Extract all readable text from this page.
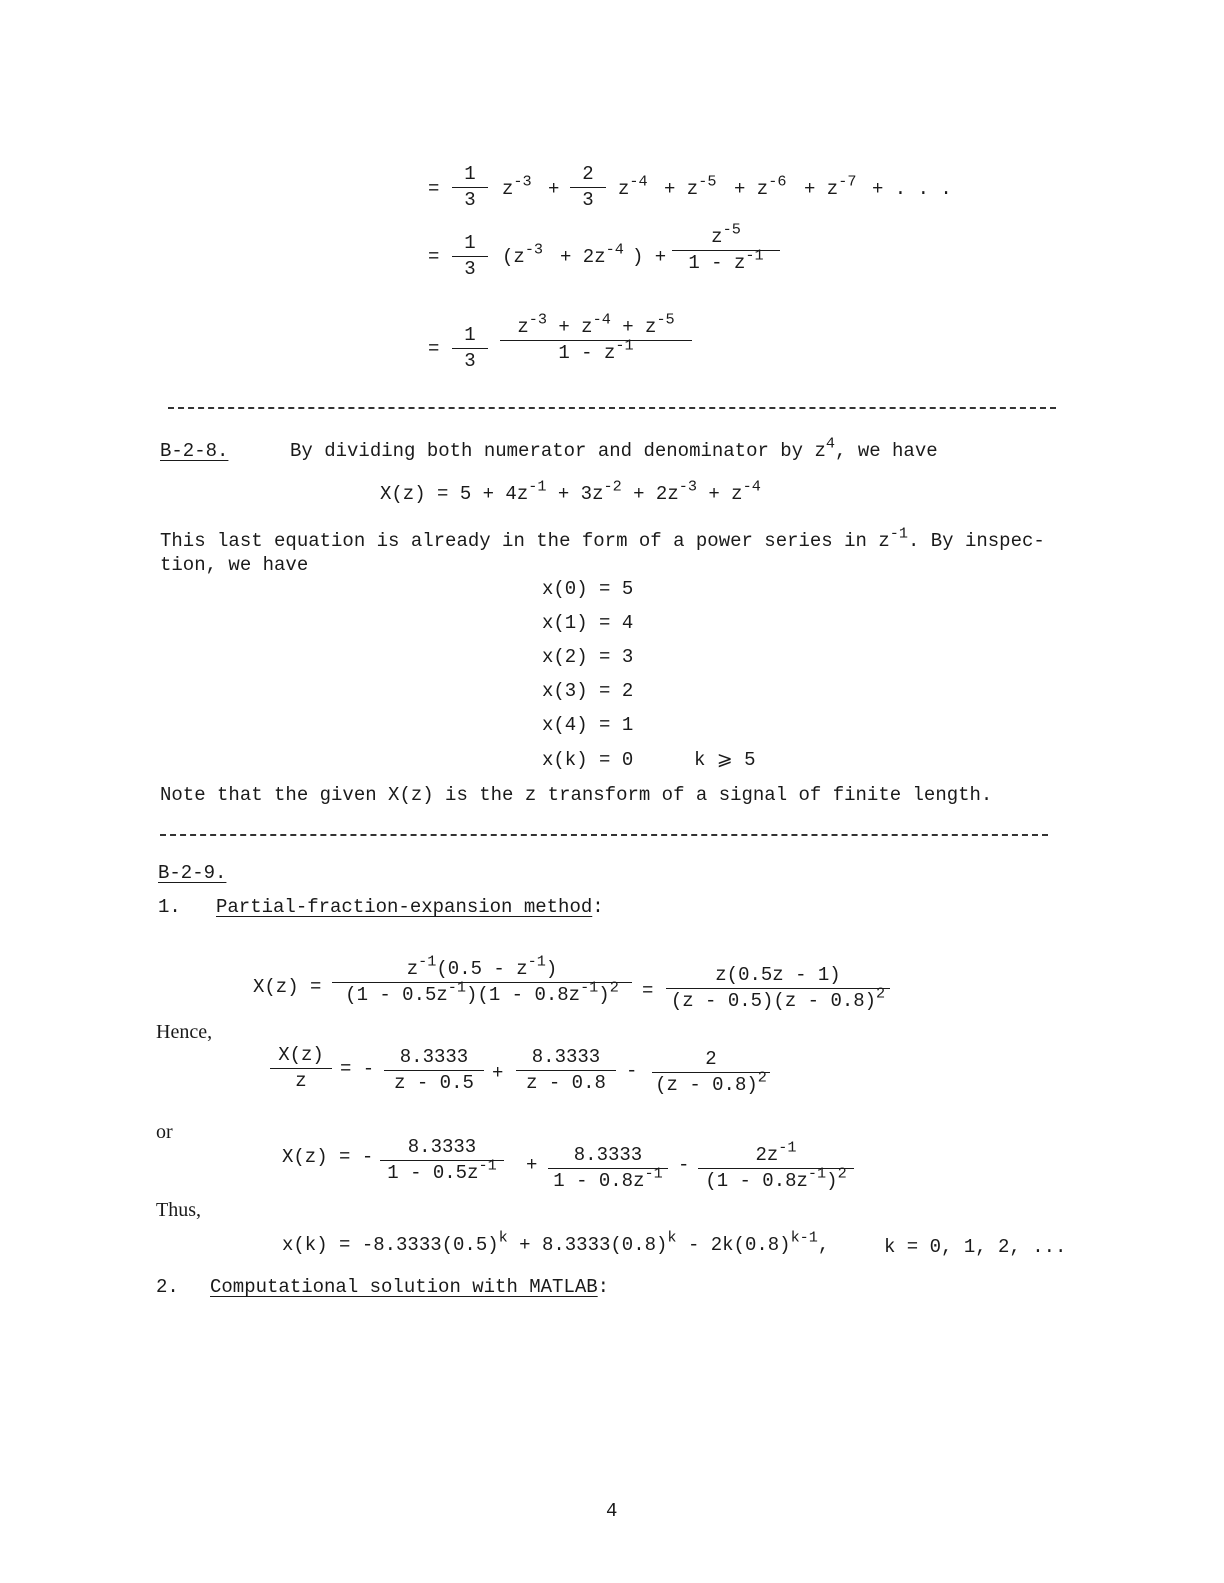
=
1
3	$z^{-3}$ +
2
3	$z^{-4} + z^{-5} + z^{-6} + z^{-7}$ + . . .
=
1
3
($z^{-3} + 2z^{-4}$ ) +
$z^{-5}$
$1 - z^{-1}$
=
1
3
$z^{-3} + z^{-4} + z^{-5}$
$1 - z^{-1}$
B-2-8.	By dividing both numerator and denominator by $z^4$, we have
$X(z) = 5 + 4z^{-1} + 3z^{-2} + 2z^{-3} + z^{-4}$
This last equation is already in the form of a power series in $z^{-1}$. By inspec-
tion, we have
x(0) = 5
x(1) = 4
x(2) = 3
x(3) = 2
x(4) = 1
x(k) = 0	k ⩾ 5
Note that the given X(z) is the z transform of a signal of finite length.
B-2-9.
1. Partial-fraction-expansion method:
X(z) =
$z^{-1}(0.5 - z^{-1})$
$(1 - 0.5z^{-1})(1 - 0.8z^{-1})^2$	=
z(0.5z - 1)
(z - 0.5)(z - 0.8)$^2$
Hence,
X(z)
z
= -
8.3333
z - 0.5 +
8.3333
z - 0.8
-
2
(z - 0.8)$^2$
or
X(z) = -	8.3333
$1 - 0.5z^{-1}$	+	8.3333
$1 - 0.8z^{-1}$ -	$2z^{-1}$
$(1 - 0.8z^{-1})^2$
Thus,
$x(k) = -8.3333(0.5)^k + 8.3333(0.8)^k - 2k(0.8)^{k-1}$,	k = 0, 1, 2, ...
2. Computational solution with MATLAB:
4
